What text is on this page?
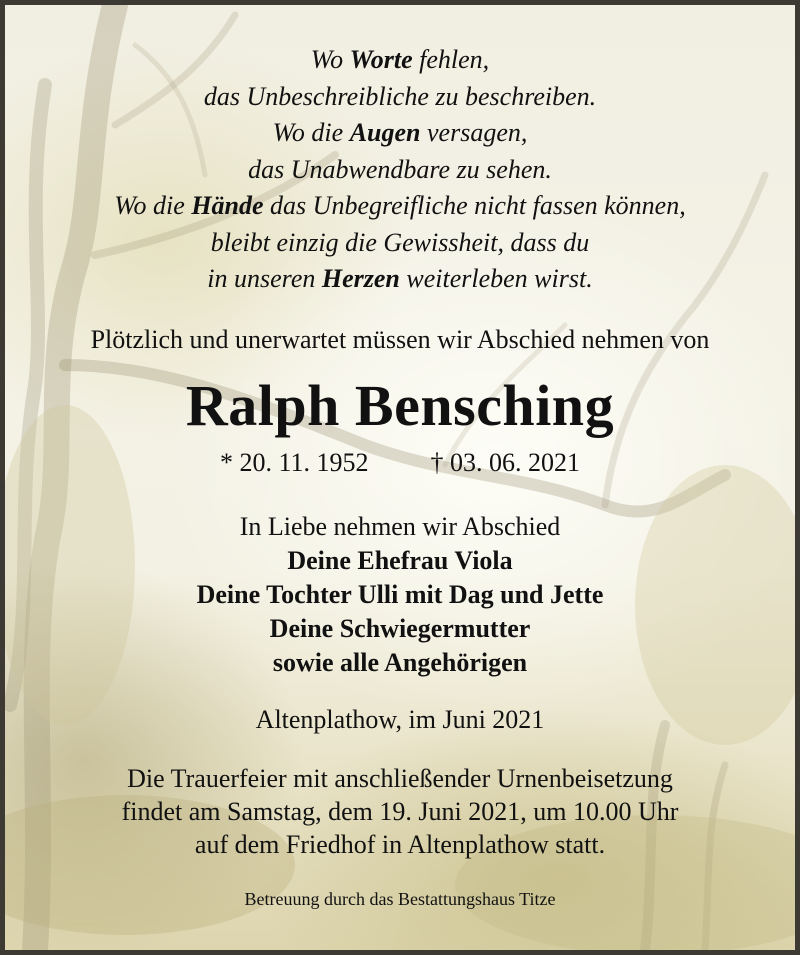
Wo Worte fehlen,
das Unbeschreibliche zu beschreiben.
Wo die Augen versagen,
das Unabwendbare zu sehen.
Wo die Hände das Unbegreifliche nicht fassen können,
bleibt einzig die Gewissheit, dass du
in unseren Herzen weiterleben wirst.
Plötzlich und unerwartet müssen wir Abschied nehmen von
Ralph Bensching
* 20. 11. 1952 † 03. 06. 2021
In Liebe nehmen wir Abschied
Deine Ehefrau Viola
Deine Tochter Ulli mit Dag und Jette
Deine Schwiegermutter
sowie alle Angehörigen
Altenplathow, im Juni 2021
Die Trauerfeier mit anschließender Urnenbeisetzung
findet am Samstag, dem 19. Juni 2021, um 10.00 Uhr
auf dem Friedhof in Altenplathow statt.
Betreuung durch das Bestattungshaus Titze
